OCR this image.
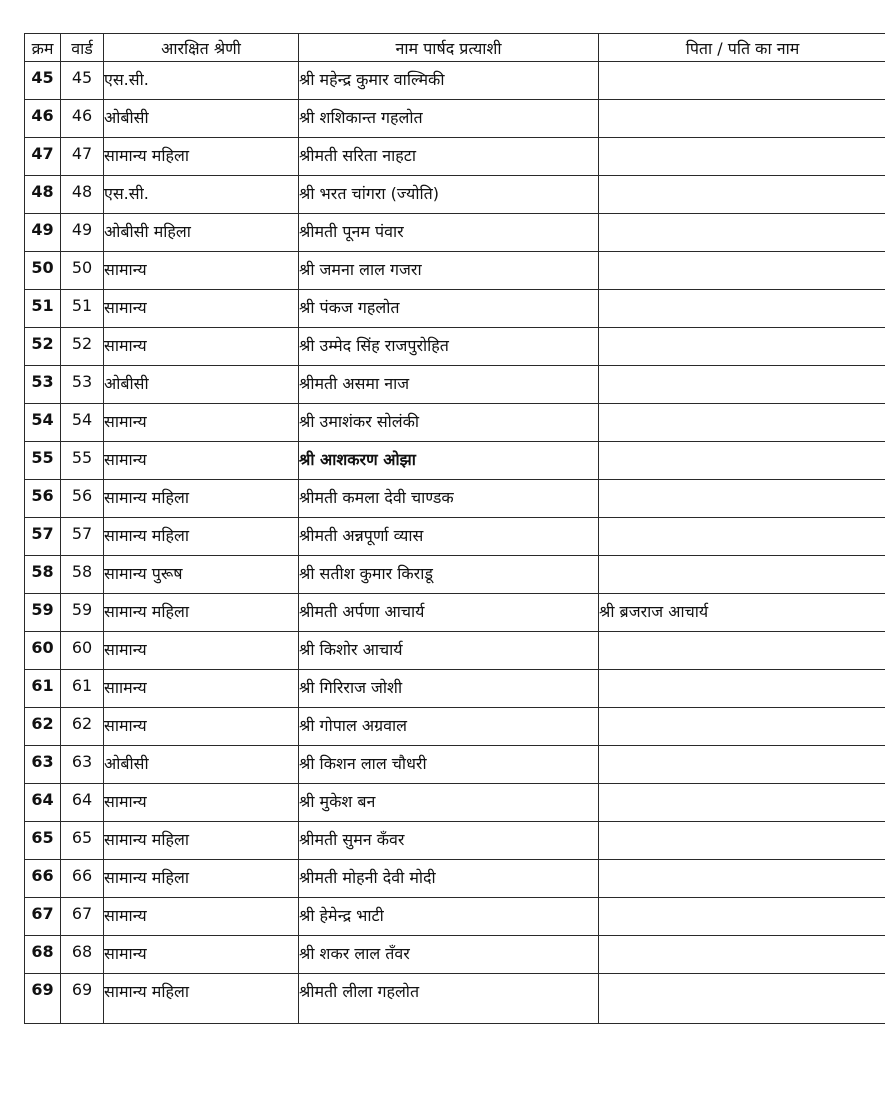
क्रम	वार्ड	आरक्षित श्रेणी	नाम पार्षद प्रत्याशी	पिता / पति का नाम
45	45	एस.सी.	श्री महेन्द्र कुमार वाल्मिकी	
46	46	ओबीसी	श्री शशिकान्त गहलोत	
47	47	सामान्य महिला	श्रीमती सरिता नाहटा	
48	48	एस.सी.	श्री भरत चांगरा (ज्योति)	
49	49	ओबीसी महिला	श्रीमती पूनम पंवार	
50	50	सामान्य	श्री जमना लाल गजरा	
51	51	सामान्य	श्री पंकज गहलोत	
52	52	सामान्य	श्री उम्मेद सिंह राजपुरोहित	
53	53	ओबीसी	श्रीमती असमा नाज	
54	54	सामान्य	श्री उमाशंकर सोलंकी	
55	55	सामान्य	श्री आशकरण ओझा	
56	56	सामान्य महिला	श्रीमती कमला देवी चाण्डक	
57	57	सामान्य महिला	श्रीमती अन्नपूर्णा व्यास	
58	58	सामान्य पुरूष	श्री सतीश कुमार किराडू	
59	59	सामान्य महिला	श्रीमती अर्पणा आचार्य	श्री ब्रजराज आचार्य
60	60	सामान्य	श्री किशोर आचार्य	
61	61	साामन्य	श्री गिरिराज जोशी	
62	62	सामान्य	श्री गोपाल अग्रवाल	
63	63	ओबीसी	श्री किशन लाल चौधरी	
64	64	सामान्य	श्री मुकेश बन	
65	65	सामान्य महिला	श्रीमती सुमन कँवर	
66	66	सामान्य महिला	श्रीमती मोहनी देवी मोदी	
67	67	सामान्य	श्री हेमेन्द्र भाटी	
68	68	सामान्य	श्री शकर लाल तँवर	
69	69	सामान्य महिला	श्रीमती लीला गहलोत	
